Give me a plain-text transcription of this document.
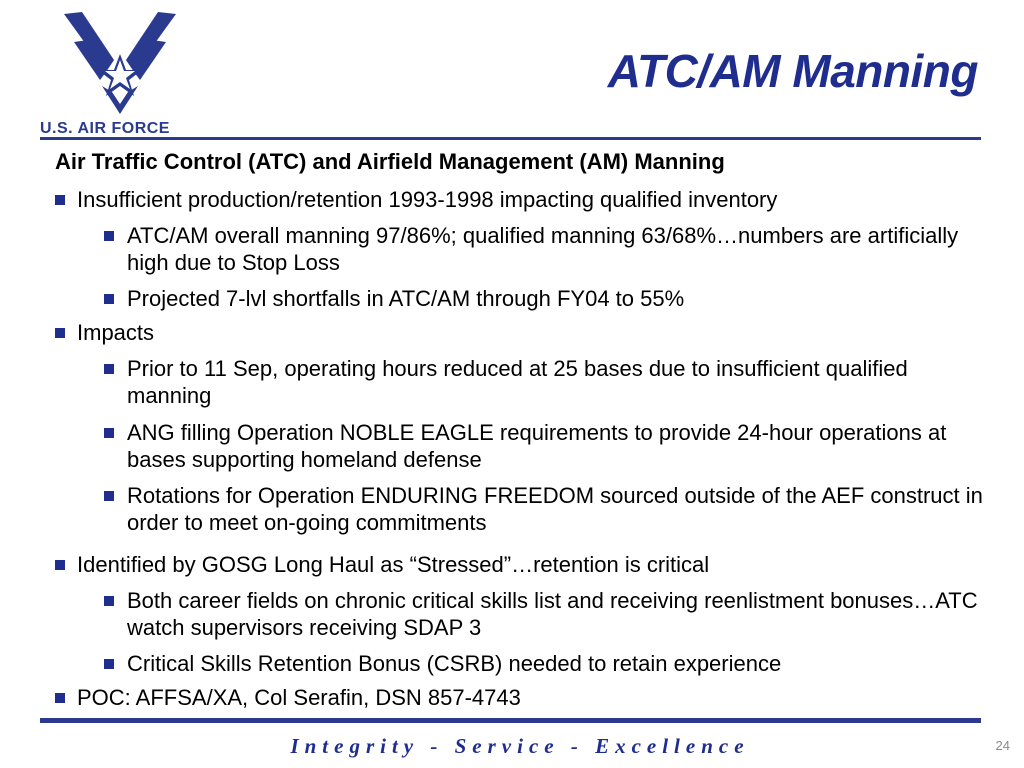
U.S. AIR FORCE
ATC/AM Manning
Air Traffic Control (ATC) and Airfield Management (AM) Manning
Insufficient production/retention 1993-1998 impacting qualified inventory
ATC/AM overall manning 97/86%; qualified manning 63/68%…numbers are artificially high due to Stop Loss
Projected 7-lvl shortfalls in ATC/AM through FY04 to 55%
Impacts
Prior to 11 Sep, operating hours reduced at 25 bases due to insufficient qualified manning
ANG filling Operation NOBLE EAGLE requirements to provide 24-hour operations at bases supporting homeland defense
Rotations for Operation ENDURING FREEDOM sourced outside of the AEF construct in order to meet on-going commitments
Identified by GOSG Long Haul as “Stressed”…retention is critical
Both career fields on chronic critical skills list and receiving reenlistment bonuses…ATC watch supervisors receiving SDAP 3
Critical Skills Retention Bonus (CSRB) needed to retain experience
POC: AFFSA/XA, Col Serafin, DSN 857-4743
Integrity - Service - Excellence	24
